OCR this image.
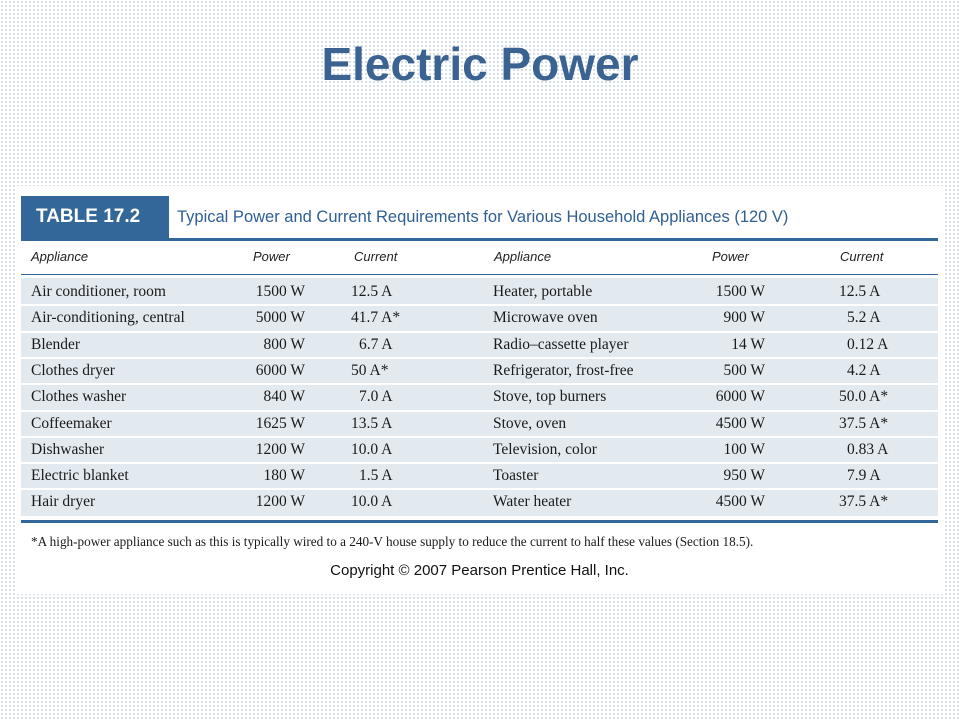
Electric Power
TABLE 17.2	Typical Power and Current Requirements for Various Household Appliances (120 V)
Appliance	Power	Current	Appliance	Power	Current
Air conditioner, room	1500 W	12.5 A	Heater, portable	1500 W	12.5 A
Air-conditioning, central	5000 W	41.7 A*	Microwave oven	900 W	5.2 A
Blender	800 W	6.7 A	Radio–cassette player	14 W	0.12 A
Clothes dryer	6000 W	50 A*	Refrigerator, frost-free	500 W	4.2 A
Clothes washer	840 W	7.0 A	Stove, top burners	6000 W	50.0 A*
Coffeemaker	1625 W	13.5 A	Stove, oven	4500 W	37.5 A*
Dishwasher	1200 W	10.0 A	Television, color	100 W	0.83 A
Electric blanket	180 W	1.5 A	Toaster	950 W	7.9 A
Hair dryer	1200 W	10.0 A	Water heater	4500 W	37.5 A*
*A high-power appliance such as this is typically wired to a 240-V house supply to reduce the current to half these values (Section 18.5).
Copyright © 2007 Pearson Prentice Hall, Inc.
